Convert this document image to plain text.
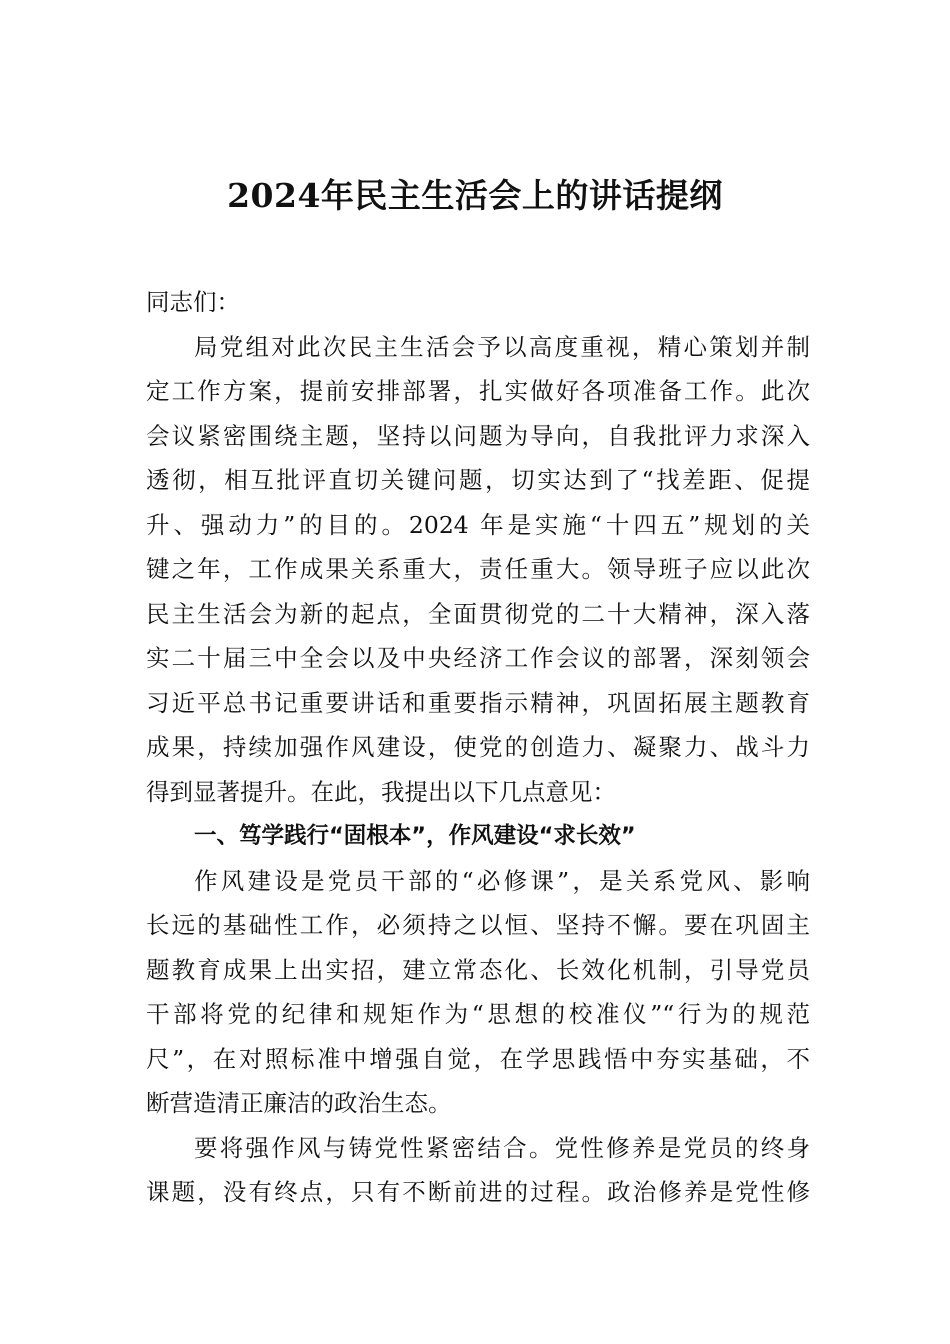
2024年民主生活会上的讲话提纲
同志们：
局党组对此次民主生活会予以高度重视，精心策划并制
定工作方案，提前安排部署，扎实做好各项准备工作。此次
会议紧密围绕主题，坚持以问题为导向，自我批评力求深入
透彻，相互批评直切关键问题，切实达到了“找差距、促提
升、强动力”的目的。2024 年是实施“十四五”规划的关
键之年，工作成果关系重大，责任重大。领导班子应以此次
民主生活会为新的起点，全面贯彻党的二十大精神，深入落
实二十届三中全会以及中央经济工作会议的部署，深刻领会
习近平总书记重要讲话和重要指示精神，巩固拓展主题教育
成果，持续加强作风建设，使党的创造力、凝聚力、战斗力
得到显著提升。在此，我提出以下几点意见：
一、笃学践行“固根本”，作风建设“求长效”
作风建设是党员干部的“必修课”，是关系党风、影响
长远的基础性工作，必须持之以恒、坚持不懈。要在巩固主
题教育成果上出实招，建立常态化、长效化机制，引导党员
干部将党的纪律和规矩作为“思想的校准仪”“行为的规范
尺”，在对照标准中增强自觉，在学思践悟中夯实基础，不
断营造清正廉洁的政治生态。
要将强作风与铸党性紧密结合。党性修养是党员的终身
课题，没有终点，只有不断前进的过程。政治修养是党性修
